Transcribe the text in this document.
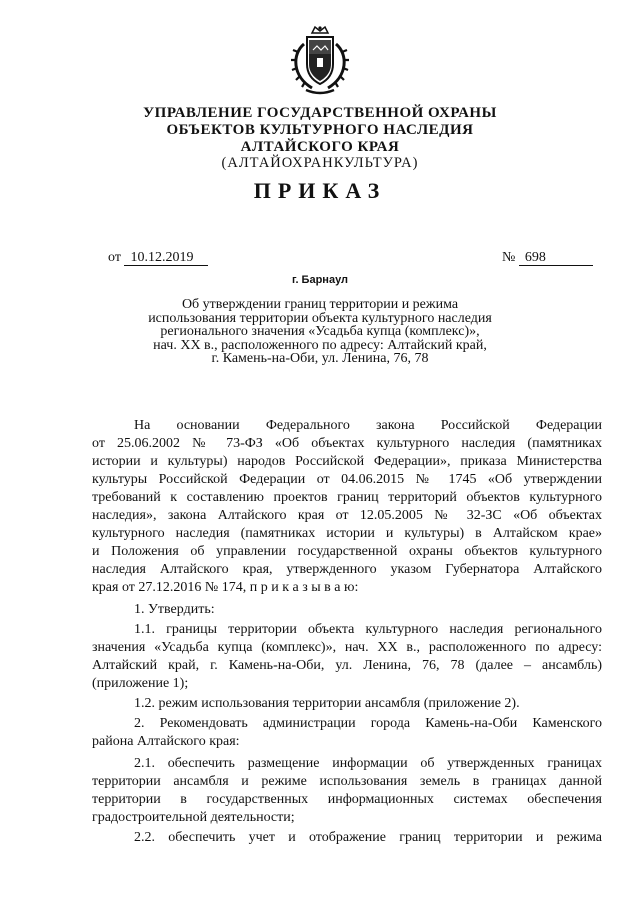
УПРАВЛЕНИЕ ГОСУДАРСТВЕННОЙ ОХРАНЫ
ОБЪЕКТОВ КУЛЬТУРНОГО НАСЛЕДИЯ
АЛТАЙСКОГО КРАЯ
(АЛТАЙОХРАНКУЛЬТУРА)
ПРИКАЗ
от 10.12.2019	№ 698
г. Барнаул
Об утверждении границ территории и режима
использования территории объекта культурного наследия
регионального значения «Усадьба купца (комплекс)»,
нач. XX в., расположенного по адресу: Алтайский край,
г. Камень-на-Оби, ул. Ленина, 76, 78
На основании Федерального закона Российской Федерации
от 25.06.2002 № 73-ФЗ «Об объектах культурного наследия (памятниках
истории и культуры) народов Российской Федерации», приказа Министерства
культуры Российской Федерации от 04.06.2015 № 1745 «Об утверждении
требований к составлению проектов границ территорий объектов культурного
наследия», закона Алтайского края от 12.05.2005 № 32-ЗС «Об объектах
культурного наследия (памятниках истории и культуры) в Алтайском крае»
и Положения об управлении государственной охраны объектов культурного
наследия Алтайского края, утвержденного указом Губернатора Алтайского
края от 27.12.2016 № 174, п р и к а з ы в а ю:
1. Утвердить:
1.1. границы территории объекта культурного наследия регионального
значения «Усадьба купца (комплекс)», нач. XX в., расположенного по адресу:
Алтайский край, г. Камень-на-Оби, ул. Ленина, 76, 78 (далее – ансамбль)
(приложение 1);
1.2. режим использования территории ансамбля (приложение 2).
2. Рекомендовать администрации города Камень-на-Оби Каменского
района Алтайского края:
2.1. обеспечить размещение информации об утвержденных границах
территории ансамбля и режиме использования земель в границах данной
территории в государственных информационных системах обеспечения
градостроительной деятельности;
2.2. обеспечить учет и отображение границ территории и режима
